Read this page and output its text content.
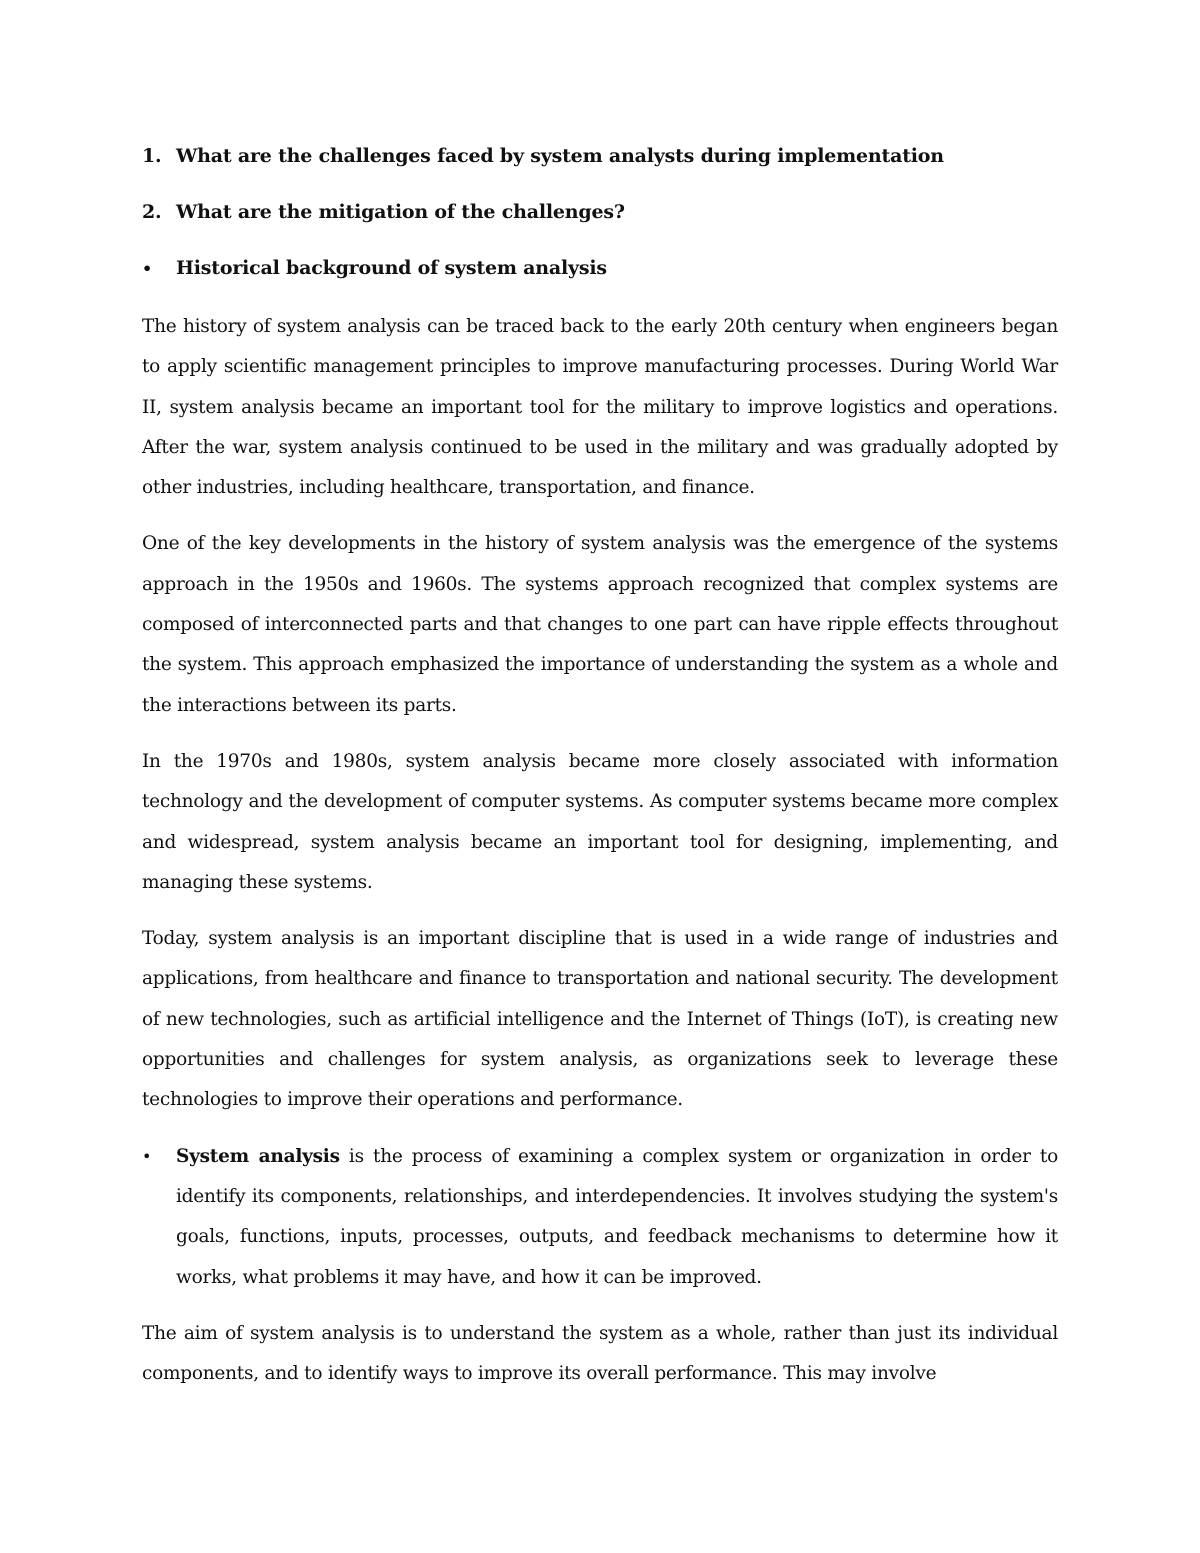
1. What are the challenges faced by system analysts during implementation
2. What are the mitigation of the challenges?
•	Historical background of system analysis

The history of system analysis can be traced back to the early 20th century when engineers began to apply scientific management principles to improve manufacturing processes. During World War II, system analysis became an important tool for the military to improve logistics and operations. After the war, system analysis continued to be used in the military and was gradually adopted by other industries, including healthcare, transportation, and finance.

One of the key developments in the history of system analysis was the emergence of the systems approach in the 1950s and 1960s. The systems approach recognized that complex systems are composed of interconnected parts and that changes to one part can have ripple effects throughout the system. This approach emphasized the importance of understanding the system as a whole and the interactions between its parts.

In the 1970s and 1980s, system analysis became more closely associated with information technology and the development of computer systems. As computer systems became more complex and widespread, system analysis became an important tool for designing, implementing, and managing these systems.

Today, system analysis is an important discipline that is used in a wide range of industries and applications, from healthcare and finance to transportation and national security. The development of new technologies, such as artificial intelligence and the Internet of Things (IoT), is creating new opportunities and challenges for system analysis, as organizations seek to leverage these technologies to improve their operations and performance.

•	System analysis is the process of examining a complex system or organization in order to identify its components, relationships, and interdependencies. It involves studying the system's goals, functions, inputs, processes, outputs, and feedback mechanisms to determine how it works, what problems it may have, and how it can be improved.

The aim of system analysis is to understand the system as a whole, rather than just its individual components, and to identify ways to improve its overall performance. This may involve
